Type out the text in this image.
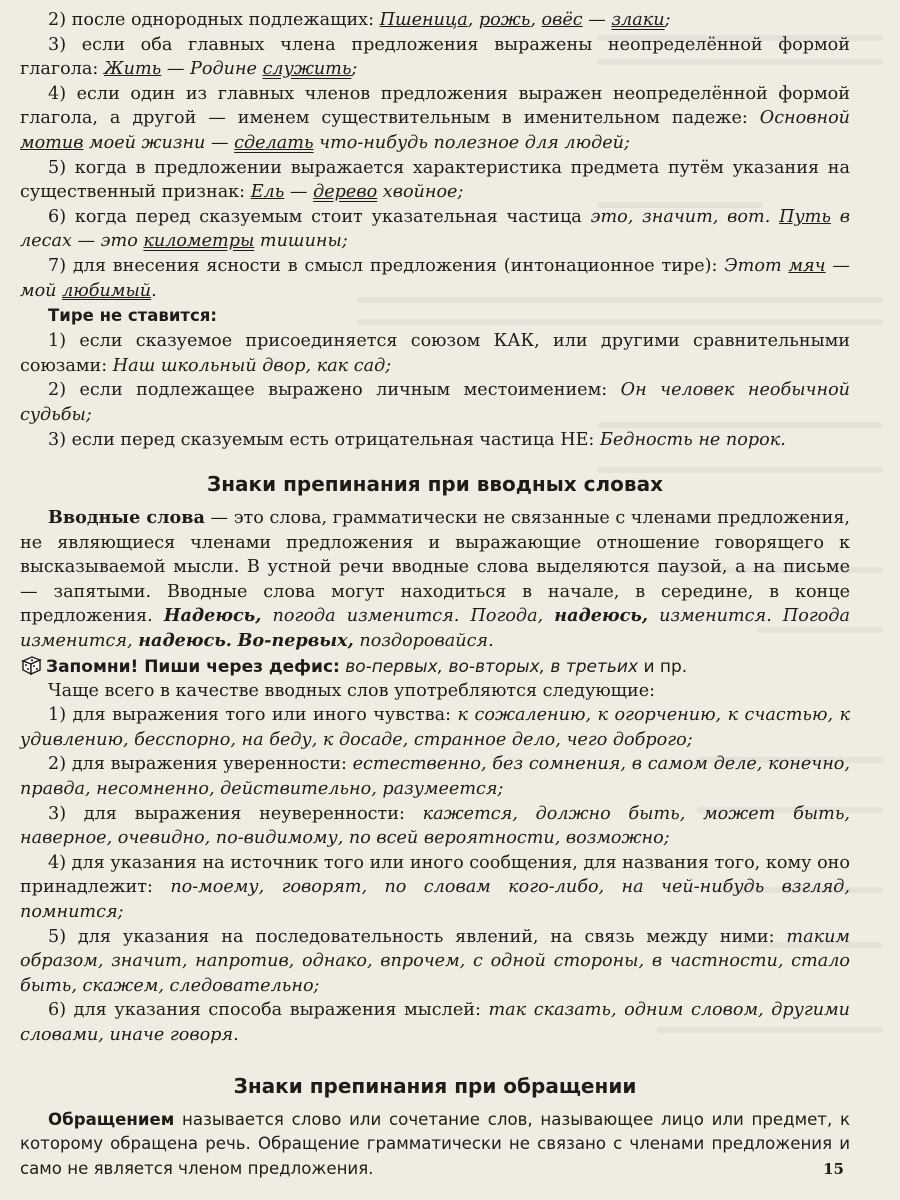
2) после однородных подлежащих: Пшеница, рожь, овёс — злаки;

3) если оба главных члена предложения выражены неопределённой формой глагола: Жить — Родине служить;

4) если один из главных членов предложения выражен неопределённой формой глагола, а другой — именем существительным в именительном падеже: Основной мотив моей жизни — сделать что-нибудь полезное для людей;

5) когда в предложении выражается характеристика предмета путём указания на существенный признак: Ель — дерево хвойное;

6) когда перед сказуемым стоит указательная частица это, значит, вот. Путь в лесах — это километры тишины;

7) для внесения ясности в смысл предложения (интонационное тире): Этот мяч — мой любимый.

Тире не ставится:

1) если сказуемое присоединяется союзом КАК, или другими сравнительными союзами: Наш школьный двор, как сад;

2) если подлежащее выражено личным местоимением: Он человек необычной судьбы;

3) если перед сказуемым есть отрицательная частица НЕ: Бедность не порок.

Знаки препинания при вводных словах

Вводные слова — это слова, грамматически не связанные с членами предложения, не являющиеся членами предложения и выражающие отношение говорящего к высказываемой мысли. В устной речи вводные слова выделяются паузой, а на письме — запятыми. Вводные слова могут находиться в начале, в середине, в конце предложения. Надеюсь, погода изменится. Погода, надеюсь, изменится. Погода изменится, надеюсь. Во-первых, поздоровайся.

Запомни! Пиши через дефис: во-первых, во-вторых, в третьих и пр.

Чаще всего в качестве вводных слов употребляются следующие:

1) для выражения того или иного чувства: к сожалению, к огорчению, к счастью, к удивлению, бесспорно, на беду, к досаде, странное дело, чего доброго;

2) для выражения уверенности: естественно, без сомнения, в самом деле, конечно, правда, несомненно, действительно, разумеется;

3) для выражения неуверенности: кажется, должно быть, может быть, наверное, очевидно, по-видимому, по всей вероятности, возможно;

4) для указания на источник того или иного сообщения, для названия того, кому оно принадлежит: по-моему, говорят, по словам кого-либо, на чей-нибудь взгляд, помнится;

5) для указания на последовательность явлений, на связь между ними: таким образом, значит, напротив, однако, впрочем, с одной стороны, в частности, стало быть, скажем, следовательно;

6) для указания способа выражения мыслей: так сказать, одним словом, другими словами, иначе говоря.

Знаки препинания при обращении

Обращением называется слово или сочетание слов, называющее лицо или предмет, к которому обращена речь. Обращение грамматически не связано с членами предложения и само не является членом предложения.	15
